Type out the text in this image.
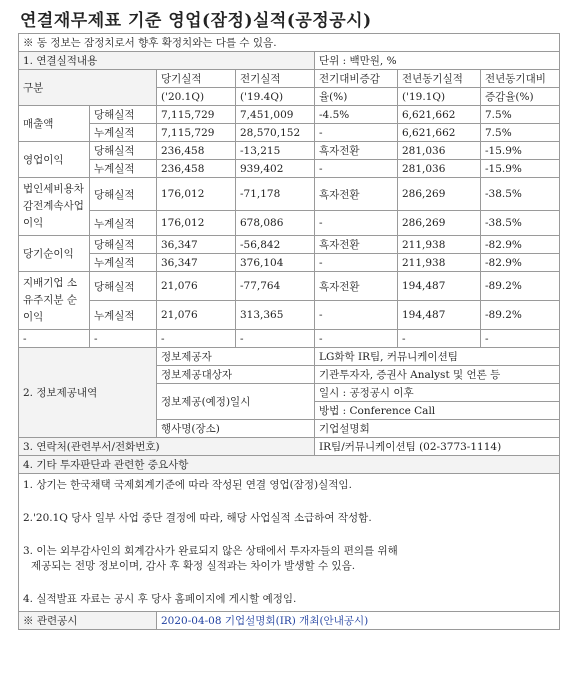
연결재무제표 기준 영업(잠정)실적(공정공시)
※ 동 정보는 잠정치로서 향후 확정치와는 다를 수 있음.						
1. 연결실적내용				단위 : 백만원, %		
구분		당기실적	전기실적	전기대비증감	전년동기실적	전년동기대비
		('20.1Q)	('19.4Q)	율(%)	('19.1Q)	증감율(%)
매출액	당해실적	7,115,729	7,451,009	-4.5%	6,621,662	7.5%
	누계실적	7,115,729	28,570,152	-	6,621,662	7.5%
영업이익	당해실적	236,458	-13,215	흑자전환	281,036	-15.9%
	누계실적	236,458	939,402	-	281,036	-15.9%
법인세비용차감전계속사업이익	당해실적	176,012	-71,178	흑자전환	286,269	-38.5%
	누계실적	176,012	678,086	-	286,269	-38.5%
당기순이익	당해실적	36,347	-56,842	흑자전환	211,938	-82.9%
	누계실적	36,347	376,104	-	211,938	-82.9%
지배기업 소유주지분 순이익	당해실적	21,076	-77,764	흑자전환	194,487	-89.2%
	누계실적	21,076	313,365	-	194,487	-89.2%
-	-	-	-	-	-	-
2. 정보제공내역		정보제공자		LG화학 IR팀, 커뮤니케이션팀		
		정보제공대상자		기관투자자, 증권사 Analyst 및 언론 등		
		정보제공(예정)일시		일시 : 공정공시 이후		
				방법 : Conference Call		
		행사명(장소)		기업설명회		
3. 연락처(관련부서/전화번호)				IR팀/커뮤니케이션팀 (02-3773-1114)		
4. 기타 투자판단과 관련한 중요사항						

1. 상기는 한국채택 국제회계기준에 따라 작성된 연결 영업(잠정)실적임.

2.'20.1Q 당사 일부 사업 중단 결정에 따라, 해당 사업실적 소급하여 작성함.

3. 이는 외부감사인의 회계감사가 완료되지 않은 상태에서 투자자들의 편의를 위해

제공되는 전망 정보이며, 감사 후 확정 실적과는 차이가 발생할 수 있음.

4. 실적발표 자료는 공시 후 당사 홈페이지에 게시할 예정임.						

※ 관련공시		2020-04-08 기업설명회(IR) 개최(안내공시)				
